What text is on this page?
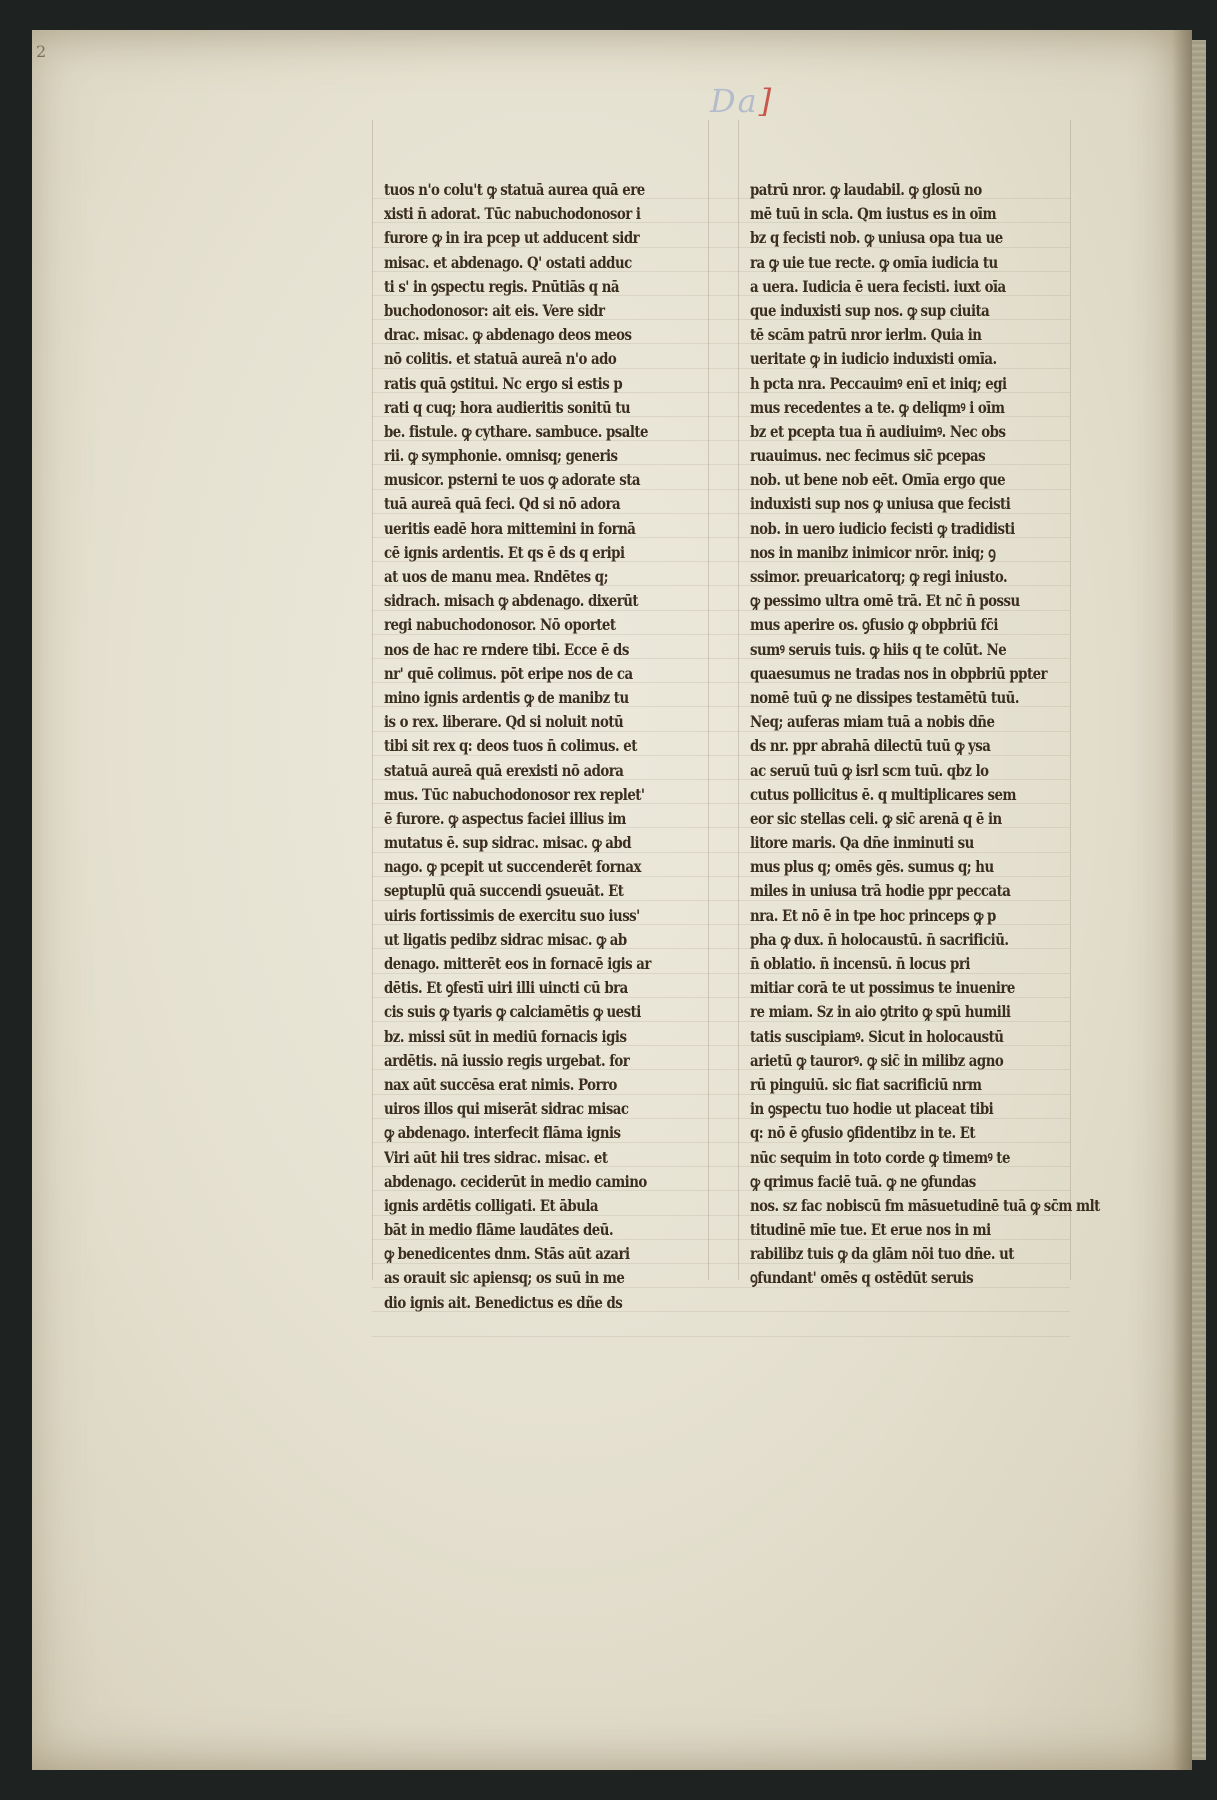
2
Da]
tuos n'o colu't ꝙ statuā aurea quā ere
xisti n̄ adorat. Tūc nabuchodonosor i
furore ꝙ in ira pcep ut adducent sidr
misac. et abdenago. Q' ostati adduc
ti s' in ꝯspectu regis. Pnūtiās q nā
buchodonosor: ait eis. Vere sidr
drac. misac. ꝙ abdenago deos meos
nō colitis. et statuā aureā n'o ado
ratis quā ꝯstitui. Nc ergo si estis p
rati q cuq; hora audieritis sonitū tu
be. fistule. ꝙ cythare. sambuce. psalte
rii. ꝙ symphonie. omnisq; generis
musicor. psterni te uos ꝙ adorate sta
tuā aureā quā feci. Qd si nō adora
ueritis eadē hora mittemini in fornā
cē ignis ardentis. Et qs ē ds q eripi
at uos de manu mea. Rndētes q;
sidrach. misach ꝙ abdenago. dixerūt
regi nabuchodonosor. Nō oportet
nos de hac re rndere tibi. Ecce ē ds
nr' quē colimus. pōt eripe nos de ca
mino ignis ardentis ꝙ de manibz tu
is o rex. liberare. Qd si noluit notū
tibi sit rex q: deos tuos n̄ colimus. et
statuā aureā quā erexisti nō adora
mus. Tūc nabuchodonosor rex replet'
ē furore. ꝙ aspectus faciei illius im
mutatus ē. sup sidrac. misac. ꝙ abd
nago. ꝙ pcepit ut succenderēt fornax
septuplū quā succendi ꝯsueuāt. Et
uiris fortissimis de exercitu suo iuss'
ut ligatis pedibz sidrac misac. ꝙ ab
denago. mitterēt eos in fornacē igis ar
dētis. Et ꝯfestī uiri illi uincti cū bra
cis suis ꝙ tyaris ꝙ calciamētis ꝙ uesti
bz. missi sūt in mediū fornacis igis
ardētis. nā iussio regis urgebat. for
nax aūt succēsa erat nimis. Porro
uiros illos qui miserāt sidrac misac
ꝙ abdenago. interfecit flāma ignis
Viri aūt hii tres sidrac. misac. et
abdenago. ceciderūt in medio camino
ignis ardētis colligati. Et ābula
bāt in medio flāme laudātes deū.
ꝙ benedicentes dnm. Stās aūt azari
as orauit sic apiensq; os suū in me
dio ignis ait. Benedictus es dñe ds
patrū nror. ꝙ laudabil. ꝙ glosū no
mē tuū in scla. Qm iustus es in oīm
bz q fecisti nob. ꝙ uniusa opa tua ue
ra ꝙ uie tue recte. ꝙ omīa iudicia tu
a uera. Iudicia ē uera fecisti. iuxt oīa
que induxisti sup nos. ꝙ sup ciuita
tē scām patrū nror ierlm. Quia in
ueritate ꝙ in iudicio induxisti omīa.
h pcta nra. Peccauimꝰ enī et iniq; egi
mus recedentes a te. ꝙ deliqmꝰ i oīm
bz et pcepta tua n̄ audiuimꝰ. Nec obs
ruauimus. nec fecimus sic̄ pcepas
nob. ut bene nob eēt. Omīa ergo que
induxisti sup nos ꝙ uniusa que fecisti
nob. in uero iudicio fecisti ꝙ tradidisti
nos in manibz inimicor nrōr. iniq; ꝯ
ssimor. preuaricatorq; ꝙ regi iniusto.
ꝙ pessimo ultra omē trā. Et nc̄ n̄ possu
mus aperire os. ꝯfusio ꝙ obpbriū fc̄i
sumꝰ seruis tuis. ꝙ hiis q te colūt. Ne
quaesumus ne tradas nos in obpbriū ppter
nomē tuū ꝙ ne dissipes testamētū tuū.
Neq; auferas miam tuā a nobis dn̄e
ds nr. ppr abrahā dilectū tuū ꝙ ysa
ac seruū tuū ꝙ isrl scm tuū. qbz lo
cutus pollicitus ē. q multiplicares sem
eor sic stellas celi. ꝙ sic̄ arenā q ē in
litore maris. Qa dn̄e inminuti su
mus plus q; omēs gēs. sumus q; hu
miles in uniusa trā hodie ppr peccata
nra. Et nō ē in tpe hoc princeps ꝙ p
pha ꝙ dux. n̄ holocaustū. n̄ sacrificiū.
n̄ oblatio. n̄ incensū. n̄ locus pri
mitiar corā te ut possimus te inuenire
re miam. Sz in aio ꝯtrito ꝙ spū humili
tatis suscipiamꝰ. Sicut in holocaustū
arietū ꝙ taurorꝰ. ꝙ sic̄ in milibz agno
rū pinguiū. sic fiat sacrificiū nrm
in ꝯspectu tuo hodie ut placeat tibi
q: nō ē ꝯfusio ꝯfidentibz in te. Et
nūc sequim in toto corde ꝙ timemꝰ te
ꝙ qrimus faciē tuā. ꝙ ne ꝯfundas
nos. sz fac nobiscū fm māsuetudinē tuā ꝙ sc̄m mlt
titudinē mīe tue. Et erue nos in mi
rabilibz tuis ꝙ da glām nōi tuo dn̄e. ut
ꝯfundant' omēs q ostēdūt seruis
